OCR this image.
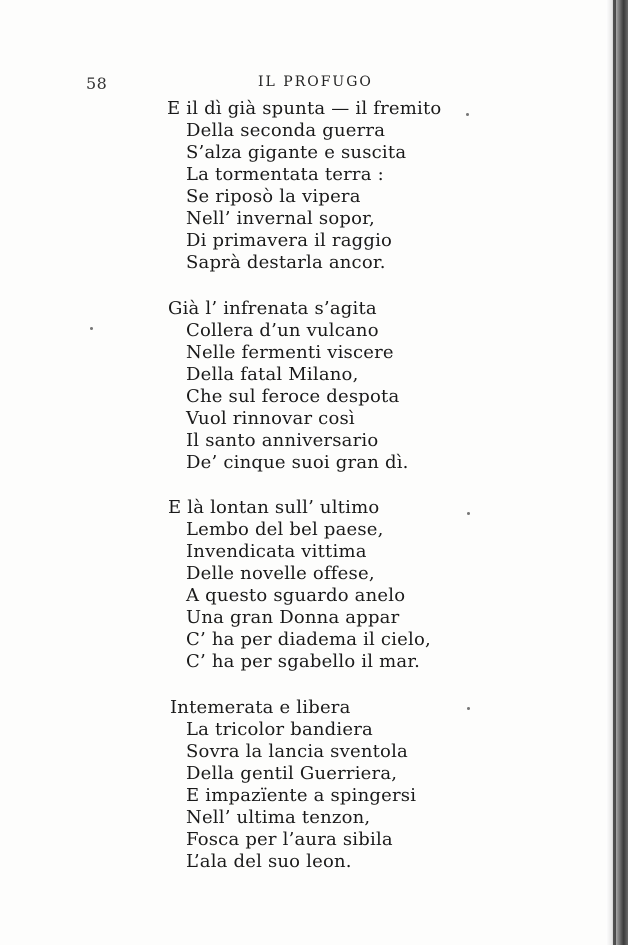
58	IL PROFUGO
E il dì già spunta — il fremito
Della seconda guerra
S’alza gigante e suscita
La tormentata terra :
Se riposò la vipera
Nell’ invernal sopor,
Di primavera il raggio
Saprà destarla ancor.
Già l’ infrenata s’agita
Collera d’un vulcano
Nelle fermenti viscere
Della fatal Milano,
Che sul feroce despota
Vuol rinnovar così
Il santo anniversario
De’ cinque suoi gran dì.
E là lontan sull’ ultimo
Lembo del bel paese,
Invendicata vittima
Delle novelle offese,
A questo sguardo anelo
Una gran Donna appar
C’ ha per diadema il cielo,
C’ ha per sgabello il mar.
Intemerata e libera
La tricolor bandiera
Sovra la lancia sventola
Della gentil Guerriera,
E impazïente a spingersi
Nell’ ultima tenzon,
Fosca per l’aura sibila
L’ala del suo leon.
